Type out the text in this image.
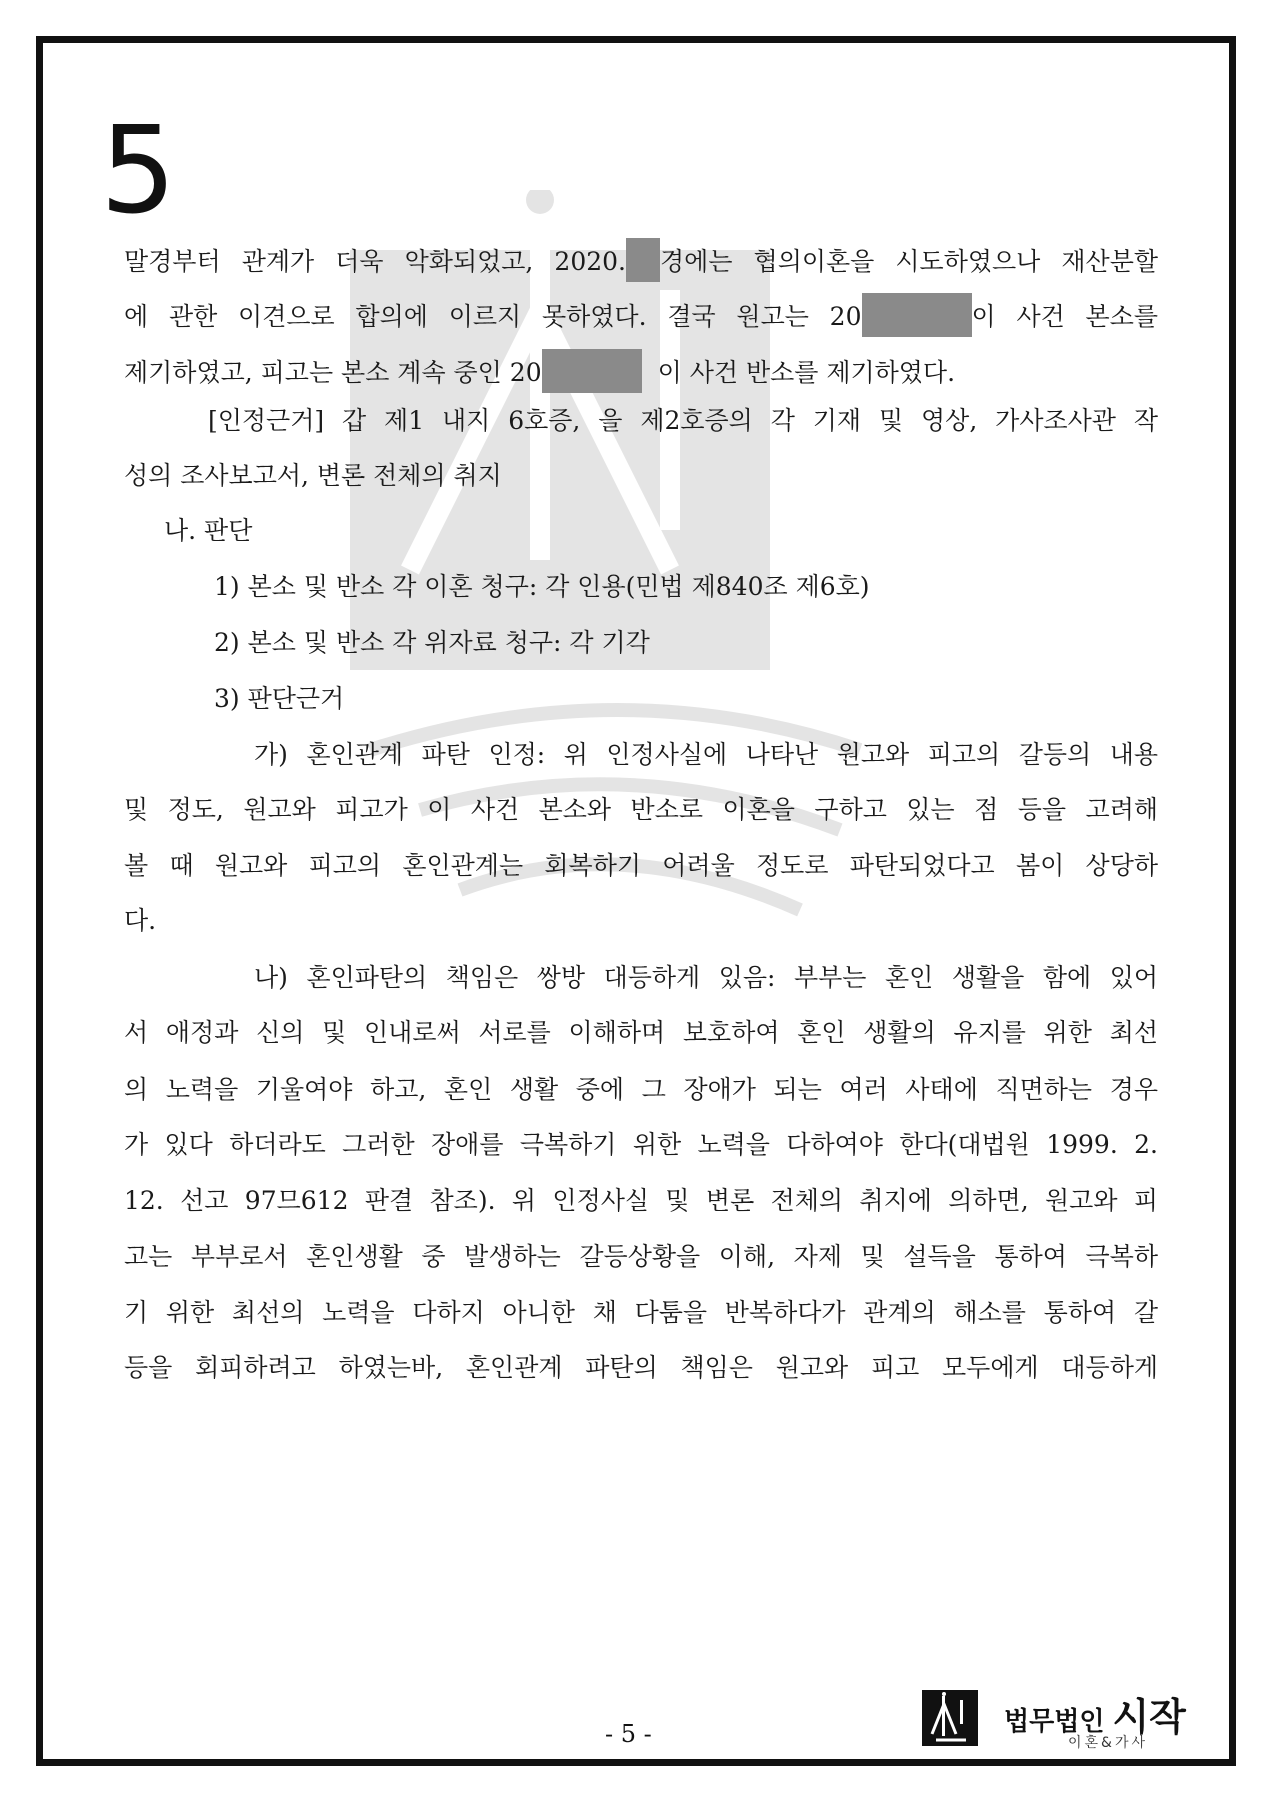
5
말경부터 관계가 더욱 악화되었고, 2020. 경에는 협의이혼을 시도하였으나 재산분할
에 관한 이견으로 합의에 이르지 못하였다. 결국 원고는 20	이 사건 본소를
제기하였고, 피고는 본소 계속 중인 20	이 사건 반소를 제기하였다.
[인정근거] 갑 제1 내지 6호증, 을 제2호증의 각 기재 및 영상, 가사조사관 작
성의 조사보고서, 변론 전체의 취지
나. 판단
1) 본소 및 반소 각 이혼 청구: 각 인용(민법 제840조 제6호)
2) 본소 및 반소 각 위자료 청구: 각 기각
3) 판단근거
가) 혼인관계 파탄 인정: 위 인정사실에 나타난 원고와 피고의 갈등의 내용
및 정도, 원고와 피고가 이 사건 본소와 반소로 이혼을 구하고 있는 점 등을 고려해
볼 때 원고와 피고의 혼인관계는 회복하기 어려울 정도로 파탄되었다고 봄이 상당하
다.
나) 혼인파탄의 책임은 쌍방 대등하게 있음: 부부는 혼인 생활을 함에 있어
서 애정과 신의 및 인내로써 서로를 이해하며 보호하여 혼인 생활의 유지를 위한 최선
의 노력을 기울여야 하고, 혼인 생활 중에 그 장애가 되는 여러 사태에 직면하는 경우
가 있다 하더라도 그러한 장애를 극복하기 위한 노력을 다하여야 한다(대법원 1999. 2.
12. 선고 97므612 판결 참조). 위 인정사실 및 변론 전체의 취지에 의하면, 원고와 피
고는 부부로서 혼인생활 중 발생하는 갈등상황을 이해, 자제 및 설득을 통하여 극복하
기 위한 최선의 노력을 다하지 아니한 채 다툼을 반복하다가 관계의 해소를 통하여 갈
등을 회피하려고 하였는바, 혼인관계 파탄의 책임은 원고와 피고 모두에게 대등하게
- 5 -	법무법인 시작
이혼&가사
